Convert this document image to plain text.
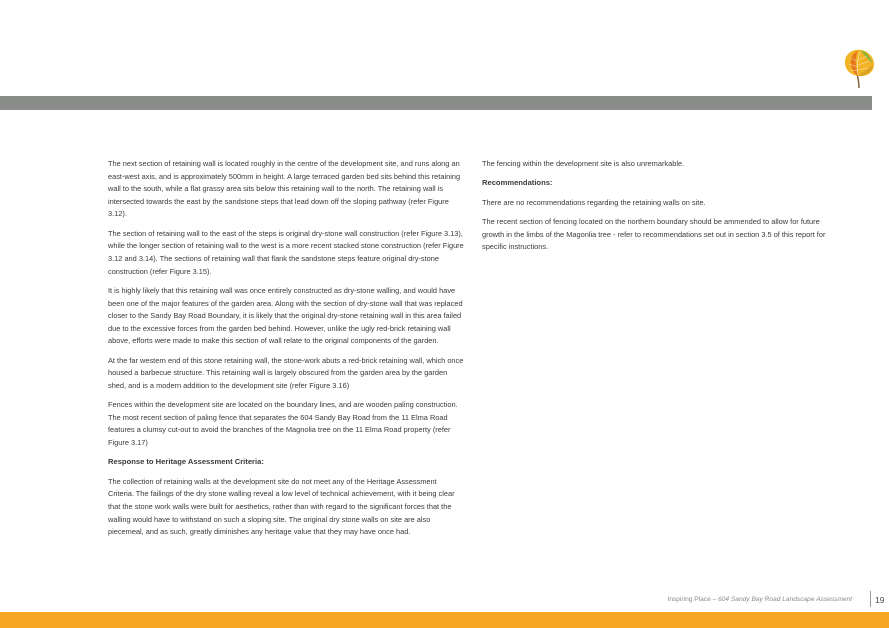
The next section of retaining wall is located roughly in the centre of the development site, and runs along an east-west axis, and is approximately 500mm in height. A large terraced garden bed sits behind this retaining wall to the south, while a flat grassy area sits below this retaining wall to the north. The retaining wall is intersected towards the east by the sandstone steps that lead down off the sloping pathway (refer Figure 3.12).

The section of retaining wall to the east of the steps is original dry-stone wall construction (refer Figure 3.13), while the longer section of retaining wall to the west is a more recent stacked stone construction (refer Figure 3.12 and 3.14). The sections of retaining wall that flank the sandstone steps feature original dry-stone construction (refer Figure 3.15).

It is highly likely that this retaining wall was once entirely constructed as dry-stone walling, and would have been one of the major features of the garden area. Along with the section of dry-stone wall that was replaced closer to the Sandy Bay Road Boundary, it is likely that the original dry-stone retaining wall in this area failed due to the excessive forces from the garden bed behind. However, unlike the ugly red-brick retaining wall above, efforts were made to make this section of wall relate to the original components of the garden.

At the far western end of this stone retaining wall, the stone-work abuts a red-brick retaining wall, which once housed a barbecue structure. This retaining wall is largely obscured from the garden area by the garden shed, and is a modern addition to the development site (refer Figure 3.16)

Fences within the development site are located on the boundary lines, and are wooden paling construction. The most recent section of paling fence that separates the 604 Sandy Bay Road from the 11 Elma Road features a clumsy cut-out to avoid the branches of the Magnolia tree on the 11 Elma Road property (refer Figure 3.17)

Response to Heritage Assessment Criteria:

The collection of retaining walls at the development site do not meet any of the Heritage Assessment Criteria. The failings of the dry stone walling reveal a low level of technical achievement, with it being clear that the stone work walls were built for aesthetics, rather than with regard to the significant forces that the walling would have to withstand on such a sloping site. The original dry stone walls on site are also piecemeal, and as such, greatly diminishes any heritage value that they may have once had.

The fencing within the development site is also unremarkable.

Recommendations:

There are no recommendations regarding the retaining walls on site.

The recent section of fencing located on the northern boundary should be ammended to allow for future growth in the limbs of the Magonlia tree - refer to recommendations set out in section 3.5 of this report for specific instructions.

Inspiring Place – 604 Sandy Bay Road Landscape Assessment	19
